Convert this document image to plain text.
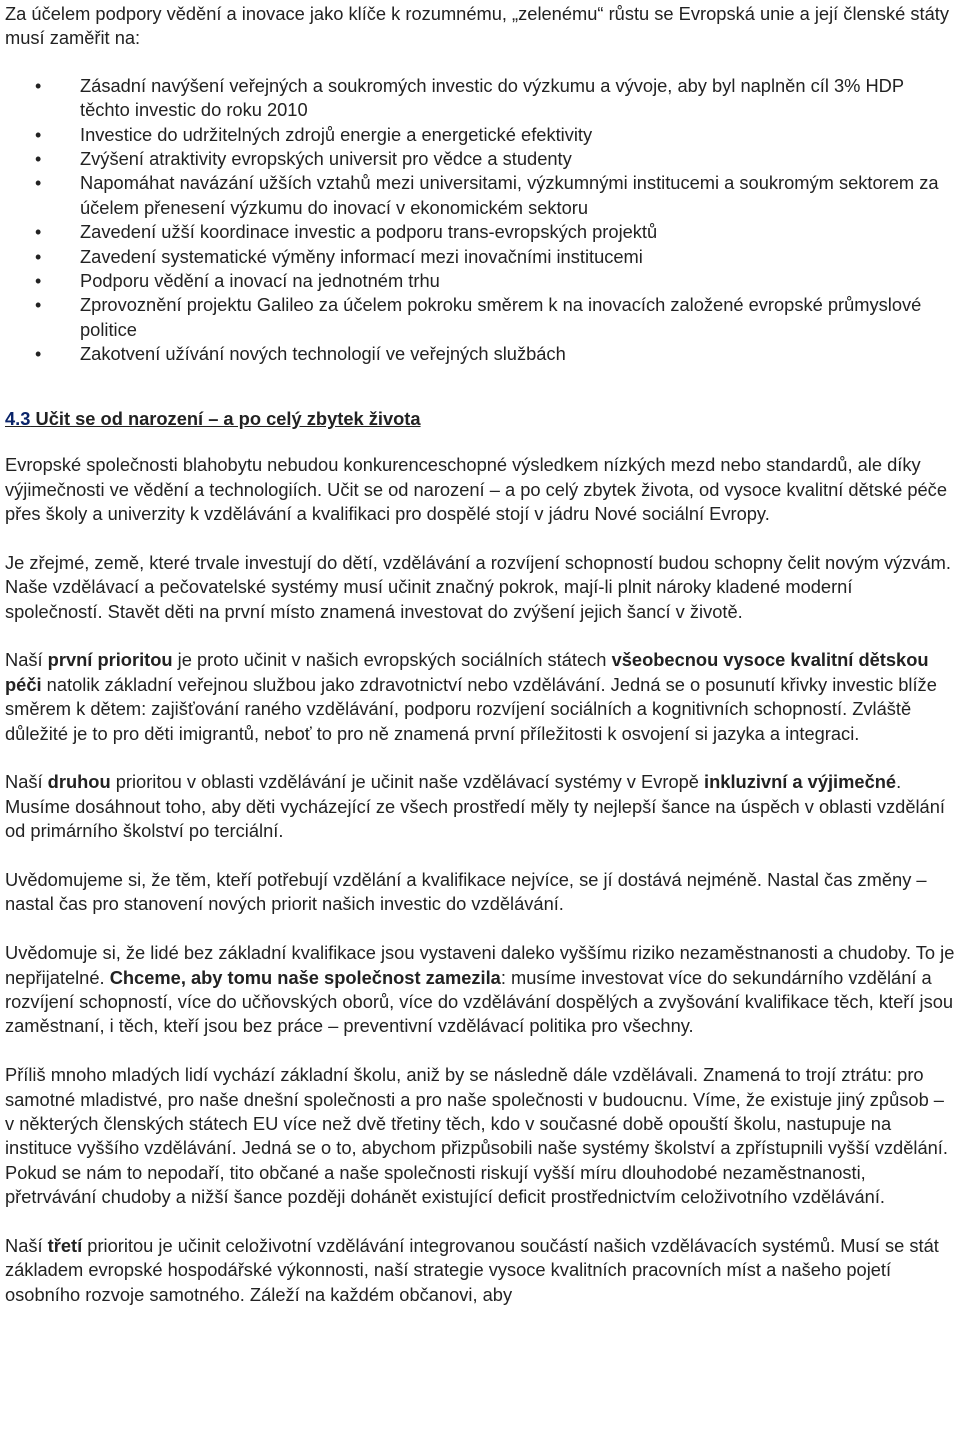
Za účelem podpory vědění a inovace jako klíče k rozumnému, „zelenému“ růstu se Evropská unie a její členské státy musí zaměřit na:

• Zásadní navýšení veřejných a soukromých investic do výzkumu a vývoje, aby byl naplněn cíl 3% HDP těchto investic do roku 2010
• Investice do udržitelných zdrojů energie a energetické efektivity
• Zvýšení atraktivity evropských universit pro vědce a studenty
• Napomáhat navázání užších vztahů mezi universitami, výzkumnými institucemi a soukromým sektorem za účelem přenesení výzkumu do inovací v ekonomickém sektoru
• Zavedení užší koordinace investic a podporu trans-evropských projektů
• Zavedení systematické výměny informací mezi inovačními institucemi
• Podporu vědění a inovací na jednotném trhu
• Zprovoznění projektu Galileo za účelem pokroku směrem k na inovacích založené evropské průmyslové politice
• Zakotvení užívání nových technologií ve veřejných službách
4.3 Učit se od narození – a po celý zbytek života

Evropské společnosti blahobytu nebudou konkurenceschopné výsledkem nízkých mezd nebo standardů, ale díky výjimečnosti ve vědění a technologiích. Učit se od narození – a po celý zbytek života, od vysoce kvalitní dětské péče přes školy a univerzity k vzdělávání a kvalifikaci pro dospělé stojí v jádru Nové sociální Evropy.

Je zřejmé, země, které trvale investují do dětí, vzdělávání a rozvíjení schopností budou schopny čelit novým výzvám. Naše vzdělávací a pečovatelské systémy musí učinit značný pokrok, mají-li plnit nároky kladené moderní společností. Stavět děti na první místo znamená investovat do zvýšení jejich šancí v životě.

Naší první prioritou je proto učinit v našich evropských sociálních státech všeobecnou vysoce kvalitní dětskou péči natolik základní veřejnou službou jako zdravotnictví nebo vzdělávání. Jedná se o posunutí křivky investic blíže směrem k dětem: zajišťování raného vzdělávání, podporu rozvíjení sociálních a kognitivních schopností. Zvláště důležité je to pro děti imigrantů, neboť to pro ně znamená první příležitosti k osvojení si jazyka a integraci.

Naší druhou prioritou v oblasti vzdělávání je učinit naše vzdělávací systémy v Evropě inkluzivní a výjimečné. Musíme dosáhnout toho, aby děti vycházející ze všech prostředí měly ty nejlepší šance na úspěch v oblasti vzdělání od primárního školství po terciální.

Uvědomujeme si, že těm, kteří potřebují vzdělání a kvalifikace nejvíce, se jí dostává nejméně. Nastal čas změny – nastal čas pro stanovení nových priorit našich investic do vzdělávání.

Uvědomuje si, že lidé bez základní kvalifikace jsou vystaveni daleko vyššímu riziko nezaměstnanosti a chudoby. To je nepřijatelné. Chceme, aby tomu naše společnost zamezila: musíme investovat více do sekundárního vzdělání a rozvíjení schopností, více do učňovských oborů, více do vzdělávání dospělých a zvyšování kvalifikace těch, kteří jsou zaměstnaní, i těch, kteří jsou bez práce – preventivní vzdělávací politika pro všechny.

Příliš mnoho mladých lidí vychází základní školu, aniž by se následně dále vzdělávali. Znamená to trojí ztrátu: pro samotné mladistvé, pro naše dnešní společnosti a pro naše společnosti v budoucnu. Víme, že existuje jiný způsob – v některých členských státech EU více než dvě třetiny těch, kdo v současné době opouští školu, nastupuje na instituce vyššího vzdělávání. Jedná se o to, abychom přizpůsobili naše systémy školství a zpřístupnili vyšší vzdělání. Pokud se nám to nepodaří, tito občané a naše společnosti riskují vyšší míru dlouhodobé nezaměstnanosti, přetrvávání chudoby a nižší šance později dohánět existující deficit prostřednictvím celoživotního vzdělávání.

Naší třetí prioritou je učinit celoživotní vzdělávání integrovanou součástí našich vzdělávacích systémů. Musí se stát základem evropské hospodářské výkonnosti, naší strategie vysoce kvalitních pracovních míst a našeho pojetí osobního rozvoje samotného. Záleží na každém občanovi, aby
